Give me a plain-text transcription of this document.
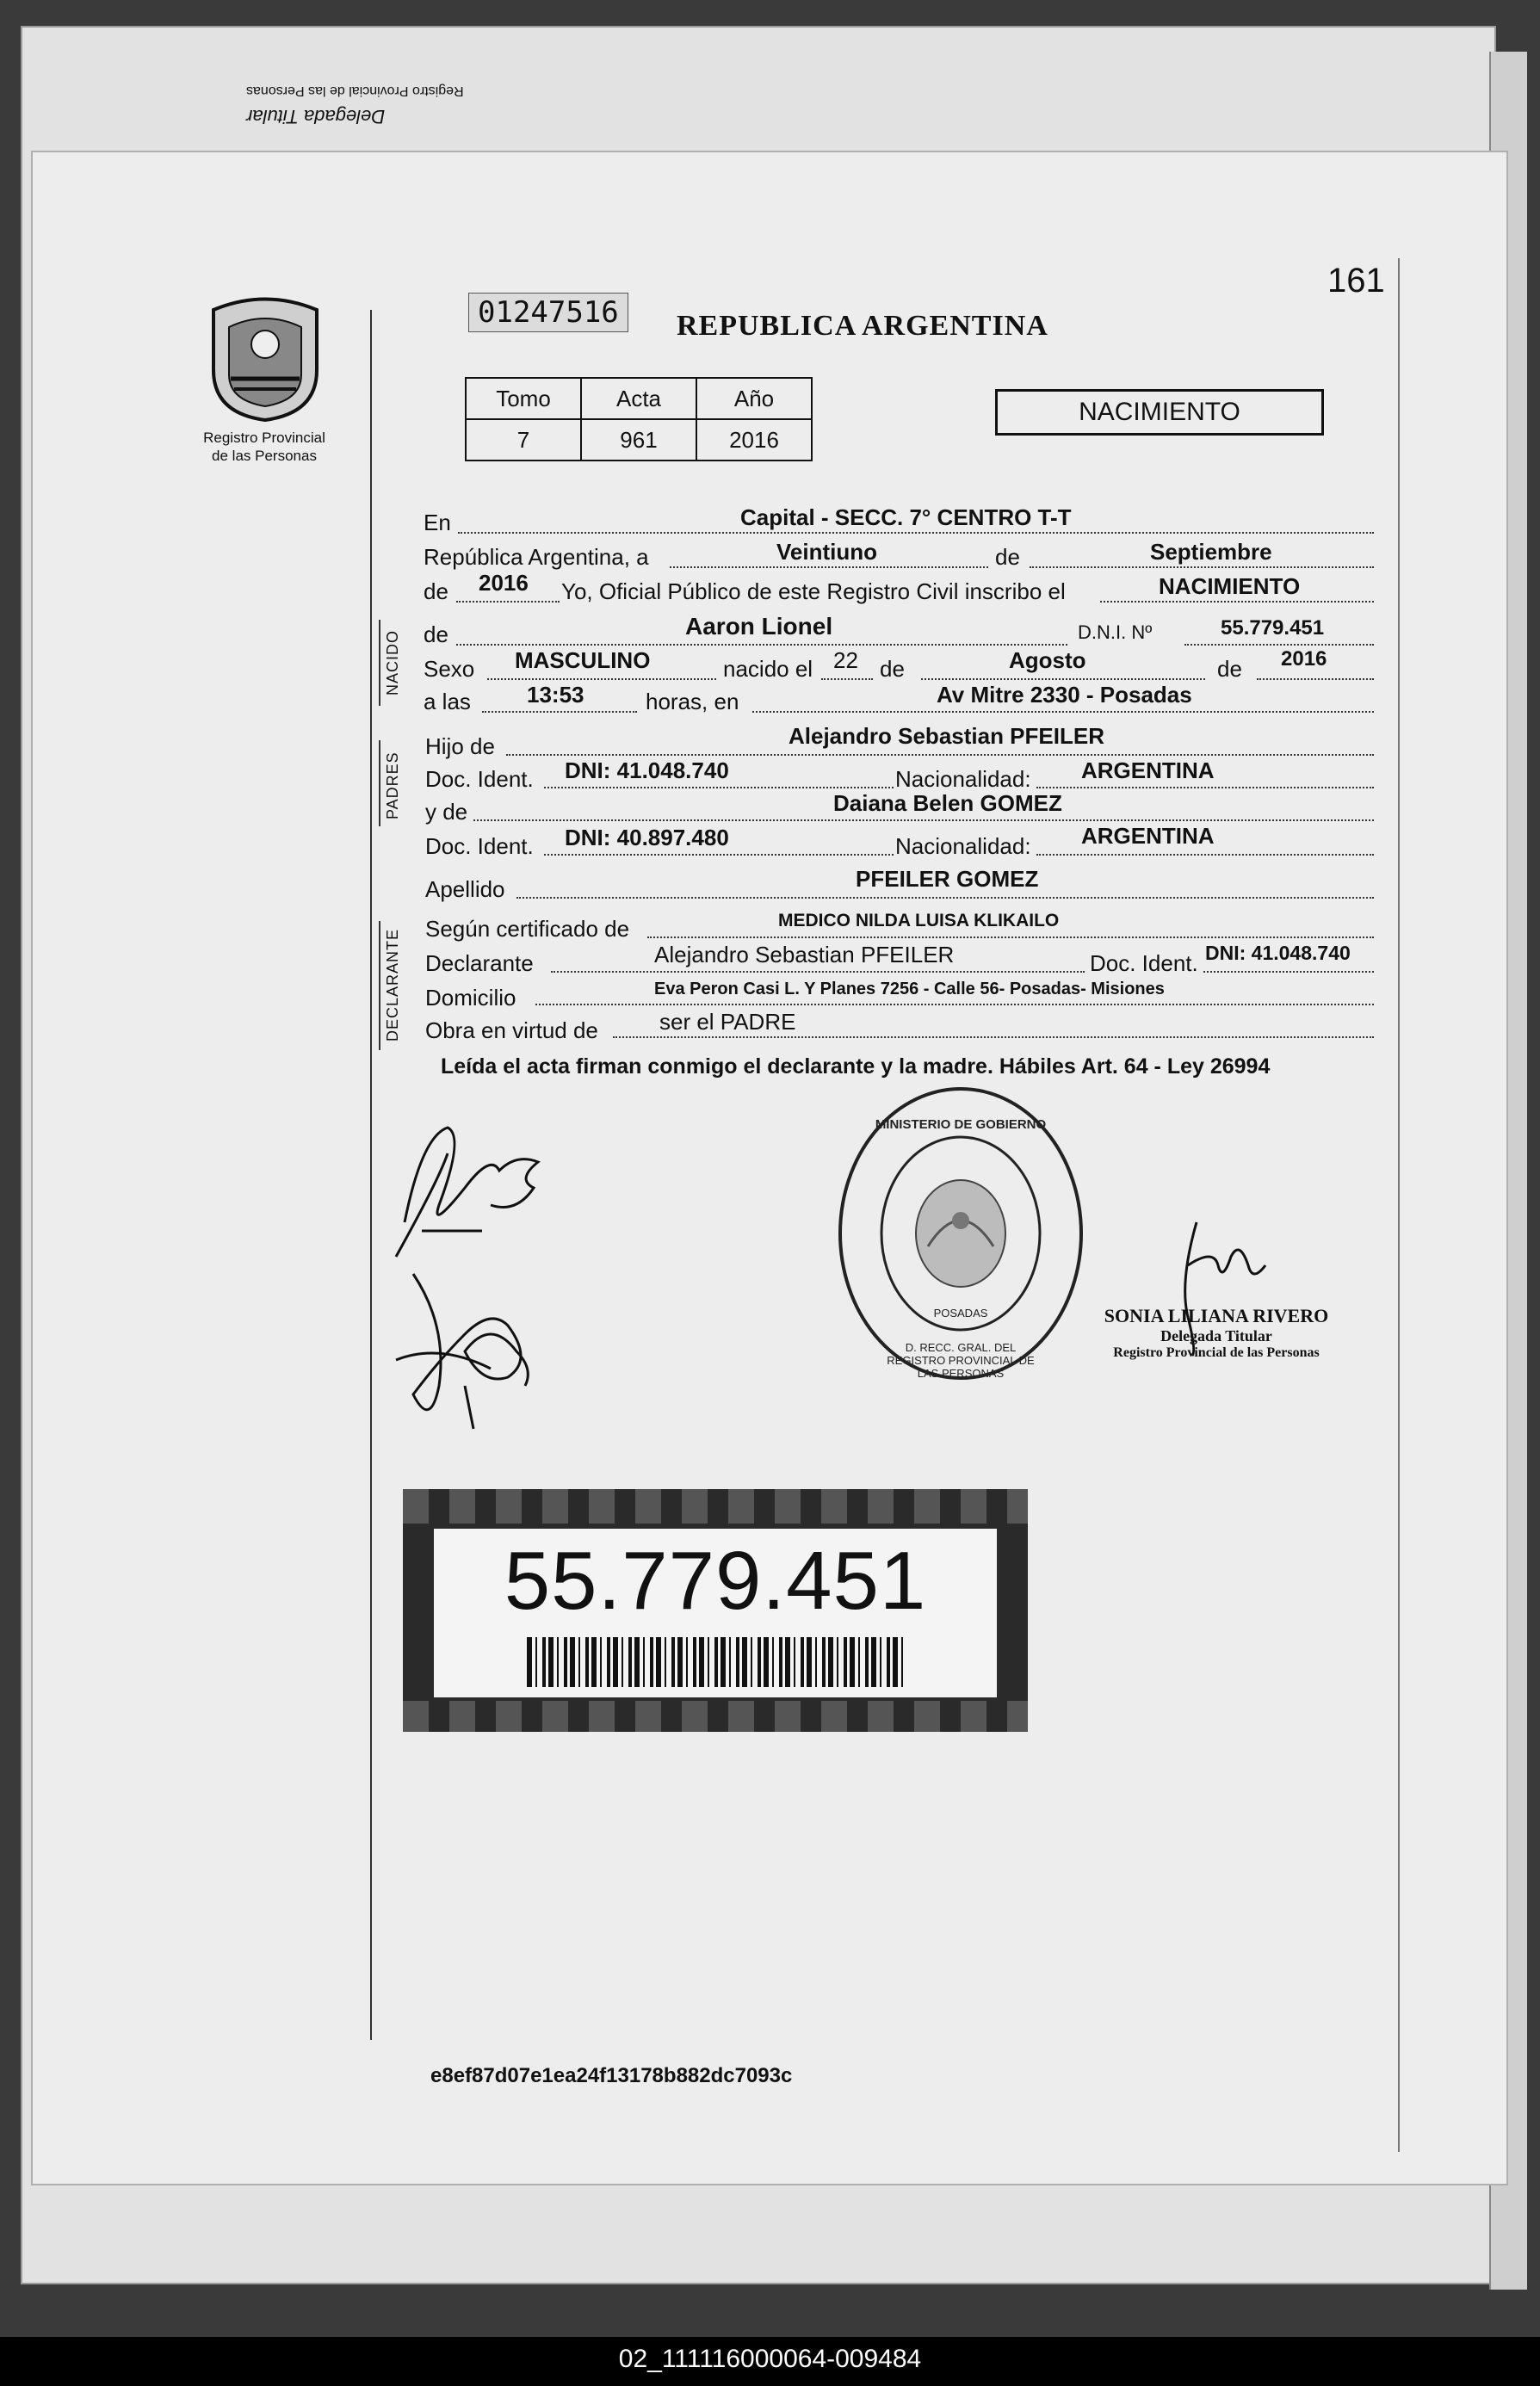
Delegada Titular
Registro Provincial de las Personas
Registro Provincial
de las Personas
161
01247516	REPUBLICA ARGENTINA
Tomo	Acta	Año
7	961	2016
NACIMIENTO
NACIDO
PADRES
DECLARANTE
En	Capital - SECC. 7° CENTRO T-T
República Argentina, a	Veintiuno	de	Septiembre
de 2016 Yo, Oficial Público de este Registro Civil inscribo el	NACIMIENTO
de	Aaron Lionel	D.N.I. Nº	55.779.451
Sexo MASCULINO	nacido el 22 de	Agosto	de 2016
a las	13:53	horas, en	Av Mitre 2330 - Posadas
Hijo de	Alejandro Sebastian PFEILER
Doc. Ident. DNI: 41.048.740	Nacionalidad: ARGENTINA
y de	Daiana Belen GOMEZ
Doc. Ident. DNI: 40.897.480	Nacionalidad: ARGENTINA
Apellido	PFEILER GOMEZ
Según certificado de	MEDICO NILDA LUISA KLIKAILO
Declarante	Alejandro Sebastian PFEILER	Doc. Ident. DNI: 41.048.740
Domicilio	Eva Peron Casi L. Y Planes 7256 - Calle 56- Posadas- Misiones
Obra en virtud de	ser el PADRE
Leída el acta firman conmigo el declarante y la madre. Hábiles Art. 64 - Ley 26994
MINISTERIO DE GOBIERNO
D. RECC. GRAL. DEL REGISTRO PROVINCIAL DE LAS PERSONAS
POSADAS	SONIA LILIANA RIVERO
Delegada Titular
Registro Provincial de las Personas
55.779.451
e8ef87d07e1ea24f13178b882dc7093c
02_111116000064-009484
